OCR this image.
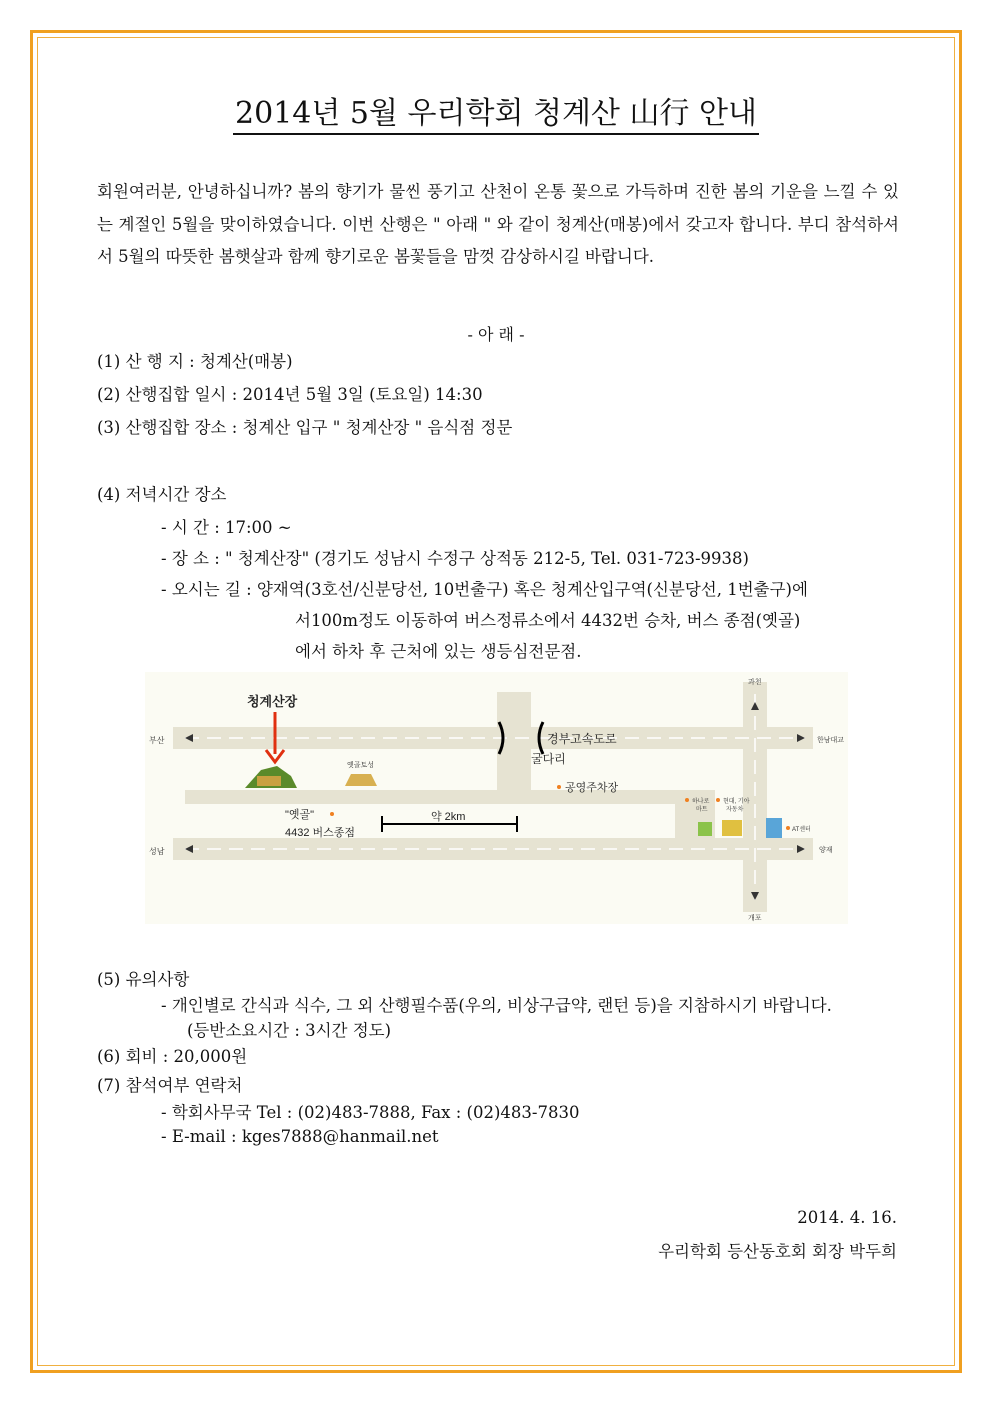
2014년 5월 우리학회 청계산 山行 안내
회원여러분, 안녕하십니까? 봄의 향기가 물씬 풍기고 산천이 온통 꽃으로 가득하며 진한 봄의 기운을 느낄 수 있는 계절인 5월을 맞이하였습니다. 이번 산행은 " 아래 " 와 같이 청계산(매봉)에서 갖고자 합니다. 부디 참석하셔서 5월의 따뜻한 봄햇살과 함께 향기로운 봄꽃들을 맘껏 감상하시길 바랍니다.
- 아 래 -
(1) 산 행 지 : 청계산(매봉)
(2) 산행집합 일시 : 2014년 5월 3일 (토요일) 14:30
(3) 산행집합 장소 : 청계산 입구 " 청계산장 " 음식점 정문
(4) 저녁시간 장소
- 시 간 : 17:00 ~
- 장 소 : " 청계산장" (경기도 성남시 수정구 상적동 212-5, Tel. 031-723-9938)
- 오시는 길 : 양재역(3호선/신분당선, 10번출구) 혹은 청계산입구역(신분당선, 1번출구)에
서100m정도 이동하여 버스정류소에서 4432번 승차, 버스 종점(옛골)
에서 하차 후 근처에 있는 생등심전문점.
청계산장
옛골토성
부산
성남
경부고속도로
굴다리
공영주차장
"옛골"
4432 버스종점
약 2km
과천
한남대교
양재
개포
하나로
마트
현대, 기아
자동차
AT센터
(5) 유의사항
- 개인별로 간식과 식수, 그 외 산행필수품(우의, 비상구급약, 랜턴 등)을 지참하시기 바랍니다.
(등반소요시간 : 3시간 정도)
(6) 회비 : 20,000원
(7) 참석여부 연락처
- 학회사무국 Tel : (02)483-7888, Fax : (02)483-7830
- E-mail : kges7888@hanmail.net
2014. 4. 16.
우리학회 등산동호회 회장 박두희
